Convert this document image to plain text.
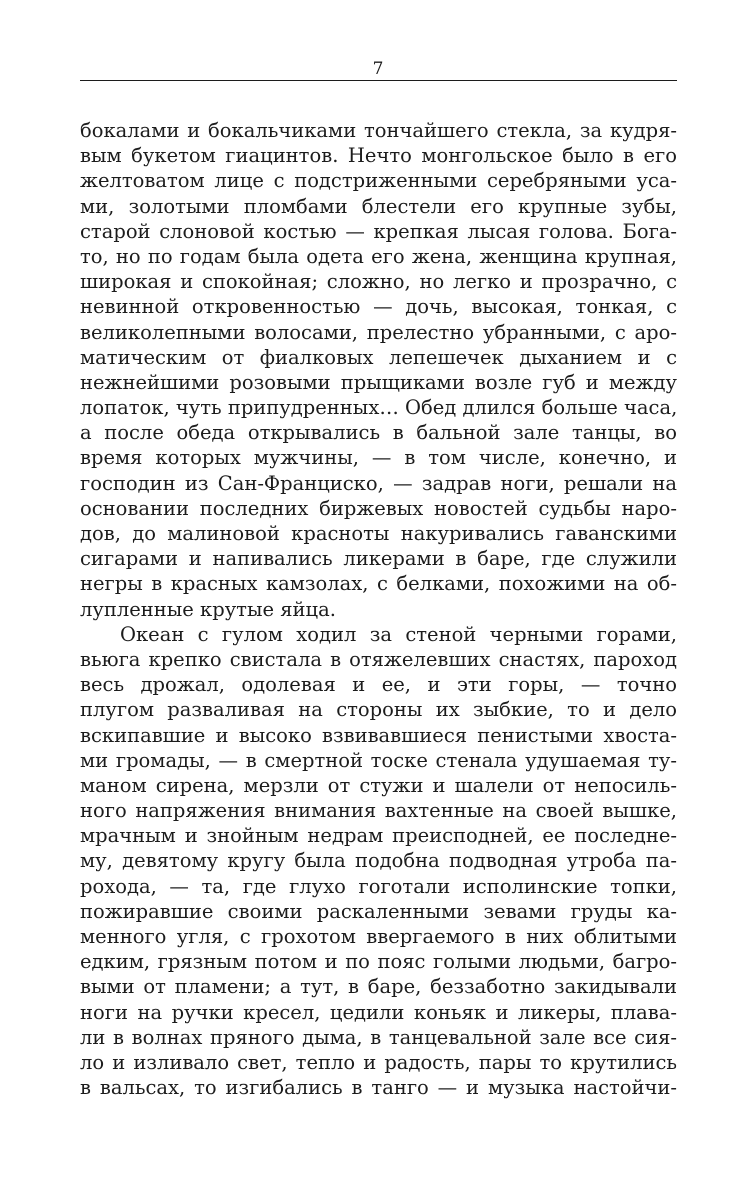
7
бокалами и бокальчиками тончайшего стекла, за кудря-
вым букетом гиацинтов. Нечто монгольское было в его
желтоватом лице с подстриженными серебряными уса-
ми, золотыми пломбами блестели его крупные зубы,
старой слоновой костью — крепкая лысая голова. Бога-
то, но по годам была одета его жена, женщина крупная,
широкая и спокойная; сложно, но легко и прозрачно, с
невинной откровенностью — дочь, высокая, тонкая, с
великолепными волосами, прелестно убранными, с аро-
матическим от фиалковых лепешечек дыханием и с
нежнейшими розовыми прыщиками возле губ и между
лопаток, чуть припудренных… Обед длился больше часа,
а после обеда открывались в бальной зале танцы, во
время которых мужчины, — в том числе, конечно, и
господин из Сан-Франциско, — задрав ноги, решали на
основании последних биржевых новостей судьбы наро-
дов, до малиновой красноты накуривались гаванскими
сигарами и напивались ликерами в баре, где служили
негры в красных камзолах, с белками, похожими на об-
лупленные крутые яйца.
Океан с гулом ходил за стеной черными горами,
вьюга крепко свистала в отяжелевших снастях, пароход
весь дрожал, одолевая и ее, и эти горы, — точно
плугом разваливая на стороны их зыбкие, то и дело
вскипавшие и высоко взвивавшиеся пенистыми хвоста-
ми громады, — в смертной тоске стенала удушаемая ту-
маном сирена, мерзли от стужи и шалели от непосиль-
ного напряжения внимания вахтенные на своей вышке,
мрачным и знойным недрам преисподней, ее последне-
му, девятому кругу была подобна подводная утроба па-
рохода, — та, где глухо гоготали исполинские топки,
пожиравшие своими раскаленными зевами груды ка-
менного угля, с грохотом ввергаемого в них облитыми
едким, грязным потом и по пояс голыми людьми, багро-
выми от пламени; а тут, в баре, беззаботно закидывали
ноги на ручки кресел, цедили коньяк и ликеры, плава-
ли в волнах пряного дыма, в танцевальной зале все сия-
ло и изливало свет, тепло и радость, пары то крутились
в вальсах, то изгибались в танго — и музыка настойчи-
